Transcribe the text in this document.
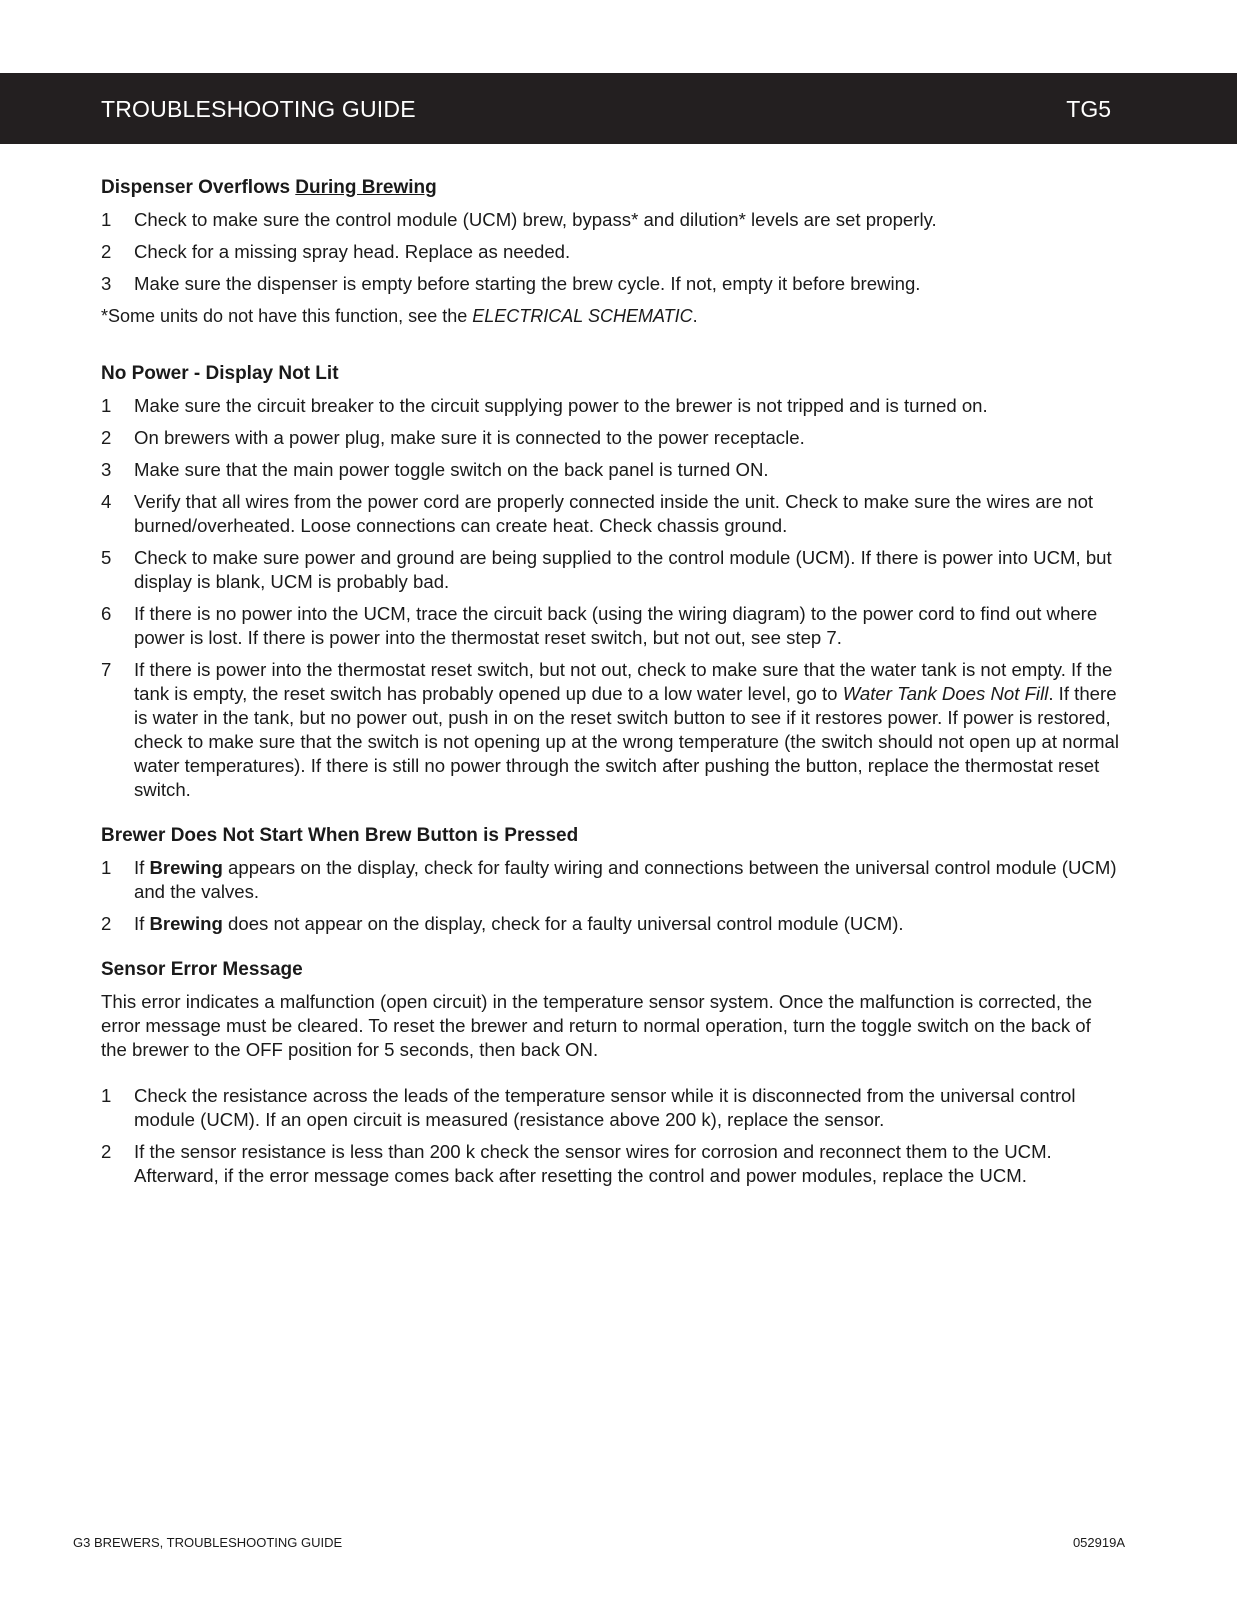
TROUBLESHOOTING GUIDE	TG5
Dispenser Overflows During Brewing
1	Check to make sure the control module (UCM) brew, bypass* and dilution* levels are set properly.
2	Check for a missing spray head. Replace as needed.
3	Make sure the dispenser is empty before starting the brew cycle. If not, empty it before brewing.
*Some units do not have this function, see the ELECTRICAL SCHEMATIC.
No Power - Display Not Lit
1	Make sure the circuit breaker to the circuit supplying power to the brewer is not tripped and is turned on.
2	On brewers with a power plug, make sure it is connected to the power receptacle.
3	Make sure that the main power toggle switch on the back panel is turned ON.
4	Verify that all wires from the power cord are properly connected inside the unit. Check to make sure the wires are not burned/overheated. Loose connections can create heat. Check chassis ground.
5	Check to make sure power and ground are being supplied to the control module (UCM). If there is power into UCM, but display is blank, UCM is probably bad.
6	If there is no power into the UCM, trace the circuit back (using the wiring diagram) to the power cord to find out where power is lost. If there is power into the thermostat reset switch, but not out, see step 7.
7	If there is power into the thermostat reset switch, but not out, check to make sure that the water tank is not empty. If the tank is empty, the reset switch has probably opened up due to a low water level, go to Water Tank Does Not Fill. If there is water in the tank, but no power out, push in on the reset switch button to see if it restores power. If power is restored, check to make sure that the switch is not opening up at the wrong temperature (the switch should not open up at normal water temperatures). If there is still no power through the switch after pushing the button, replace the thermostat reset switch.
Brewer Does Not Start When Brew Button is Pressed
1	If Brewing appears on the display, check for faulty wiring and connections between the universal control module (UCM) and the valves.
2	If Brewing does not appear on the display, check for a faulty universal control module (UCM).
Sensor Error Message

This error indicates a malfunction (open circuit) in the temperature sensor system. Once the malfunction is corrected, the error message must be cleared. To reset the brewer and return to normal operation, turn the toggle switch on the back of the brewer to the OFF position for 5 seconds, then back ON.

1	Check the resistance across the leads of the temperature sensor while it is disconnected from the universal control module (UCM). If an open circuit is measured (resistance above 200 k), replace the sensor.
2	If the sensor resistance is less than 200 k check the sensor wires for corrosion and reconnect them to the UCM. Afterward, if the error message comes back after resetting the control and power modules, replace the UCM.
G3 BREWERS, TROUBLESHOOTING GUIDE	052919A
